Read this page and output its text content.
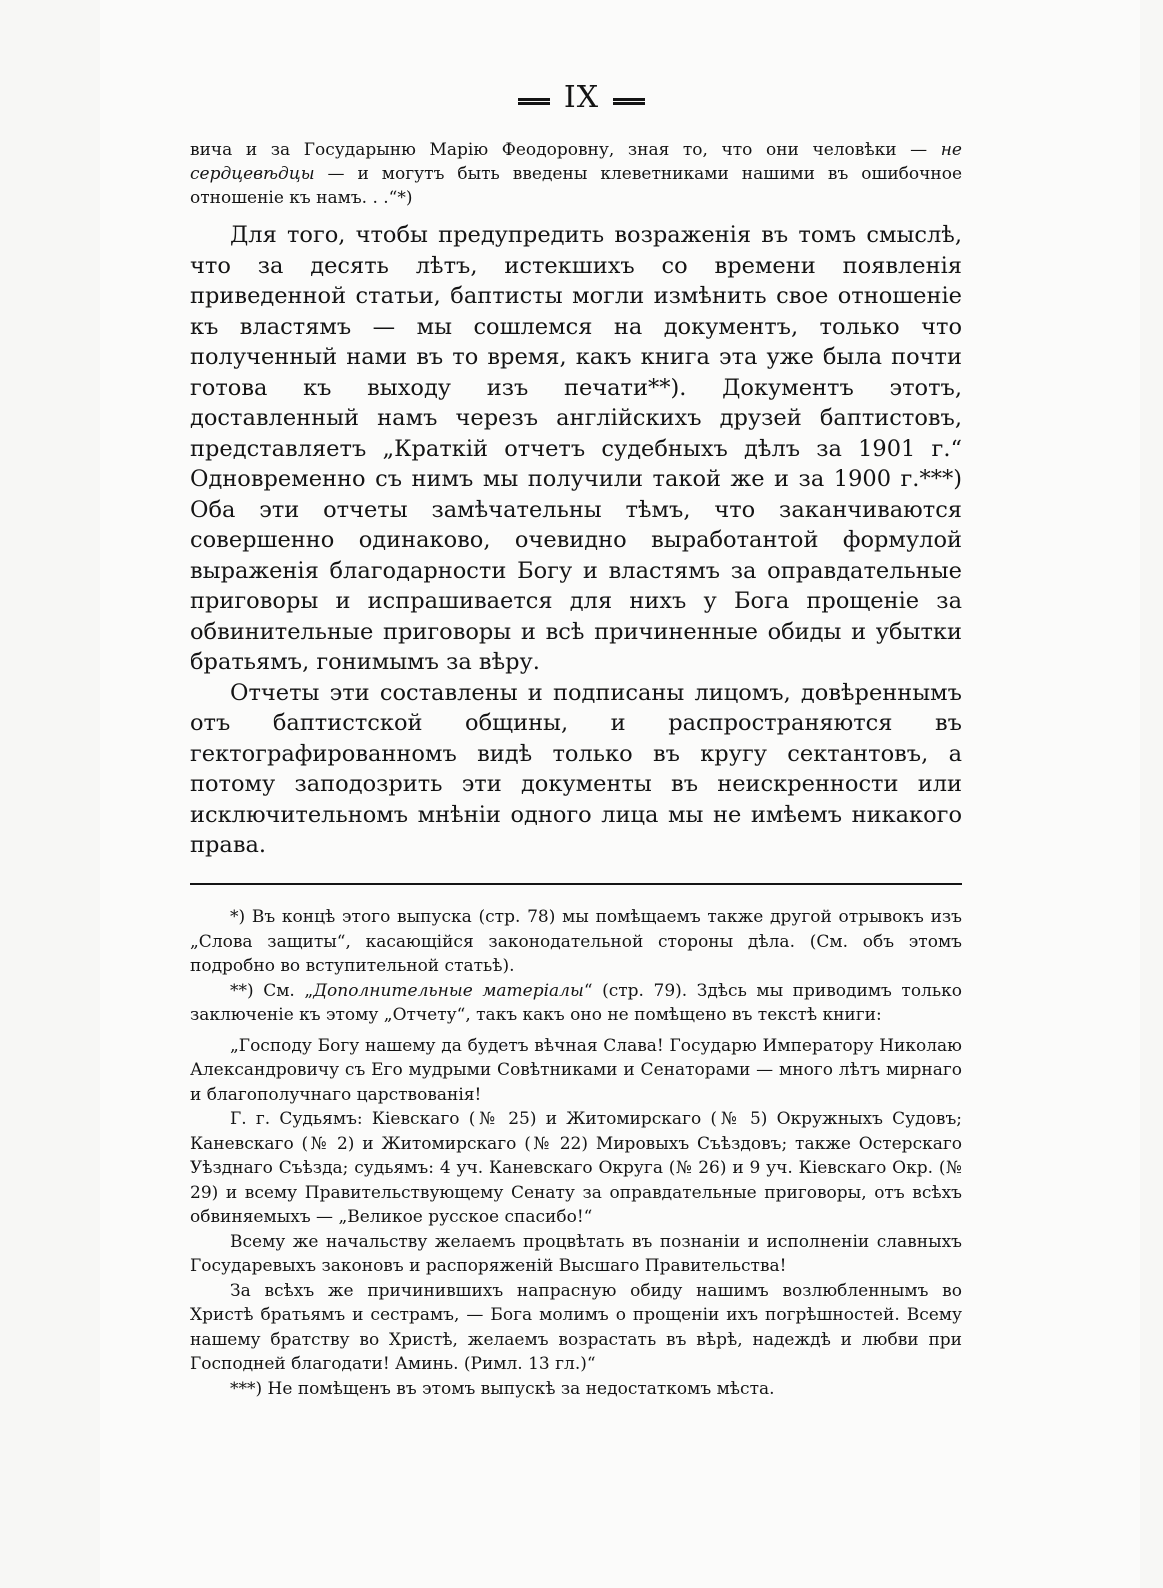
IX
вича и за Государыню Марію Феодоровну, зная то, что они человѣки — не сердцевѣдцы — и могутъ быть введены клеветниками нашими въ ошибочное отношеніе къ намъ. . .“*)

Для того, чтобы предупредить возраженія въ томъ смыслѣ, что за десять лѣтъ, истекшихъ со времени появленія приведенной статьи, баптисты могли измѣнить свое отношеніе къ властямъ — мы сошлемся на документъ, только что полученный нами въ то время, какъ книга эта уже была почти готова къ выходу изъ печати**). Документъ этотъ, доставленный намъ черезъ англійскихъ друзей баптистовъ, представляетъ „Краткій отчетъ судебныхъ дѣлъ за 1901 г.“ Одновременно съ нимъ мы получили такой же и за 1900 г.***) Оба эти отчеты замѣчательны тѣмъ, что заканчиваются совершенно одинаково, очевидно выработантой формулой выраженія благодарности Богу и властямъ за оправдательные приговоры и испрашивается для нихъ у Бога прощеніе за обвинительные приговоры и всѣ причиненные обиды и убытки братьямъ, гонимымъ за вѣру.

Отчеты эти составлены и подписаны лицомъ, довѣреннымъ отъ баптистской общины, и распространяются въ гектографированномъ видѣ только въ кругу сектантовъ, а потому заподозрить эти документы въ неискренности или исключительномъ мнѣніи одного лица мы не имѣемъ никакого права.

*) Въ концѣ этого выпуска (стр. 78) мы помѣщаемъ также другой отрывокъ изъ „Слова защиты“, касающійся законодательной стороны дѣла. (См. объ этомъ подробно во вступительной статьѣ).

**) См. „Дополнительные матеріалы“ (стр. 79). Здѣсь мы приводимъ только заключеніе къ этому „Отчету“, такъ какъ оно не помѣщено въ текстѣ книги:

„Господу Богу нашему да будетъ вѣчная Слава! Государю Императору Николаю Александровичу съ Его мудрыми Совѣтниками и Сенаторами — много лѣтъ мирнаго и благополучнаго царствованія!

Г. г. Судьямъ: Кіевскаго (№ 25) и Житомирскаго (№ 5) Окружныхъ Судовъ; Каневскаго (№ 2) и Житомирскаго (№ 22) Мировыхъ Съѣздовъ; также Остерскаго Уѣзднаго Съѣзда; судьямъ: 4 уч. Каневскаго Округа (№ 26) и 9 уч. Кіевскаго Окр. (№ 29) и всему Правительствующему Сенату за оправдательные приговоры, отъ всѣхъ обвиняемыхъ — „Великое русское спасибо!“

Всему же начальству желаемъ процвѣтать въ познаніи и исполненіи славныхъ Государевыхъ законовъ и распоряженій Высшаго Правительства!

За всѣхъ же причинившихъ напрасную обиду нашимъ возлюбленнымъ во Христѣ братьямъ и сестрамъ, — Бога молимъ о прощеніи ихъ погрѣшностей. Всему нашему братству во Христѣ, желаемъ возрастать въ вѣрѣ, надеждѣ и любви при Господней благодати! Аминь. (Римл. 13 гл.)“

***) Не помѣщенъ въ этомъ выпускѣ за недостаткомъ мѣста.
